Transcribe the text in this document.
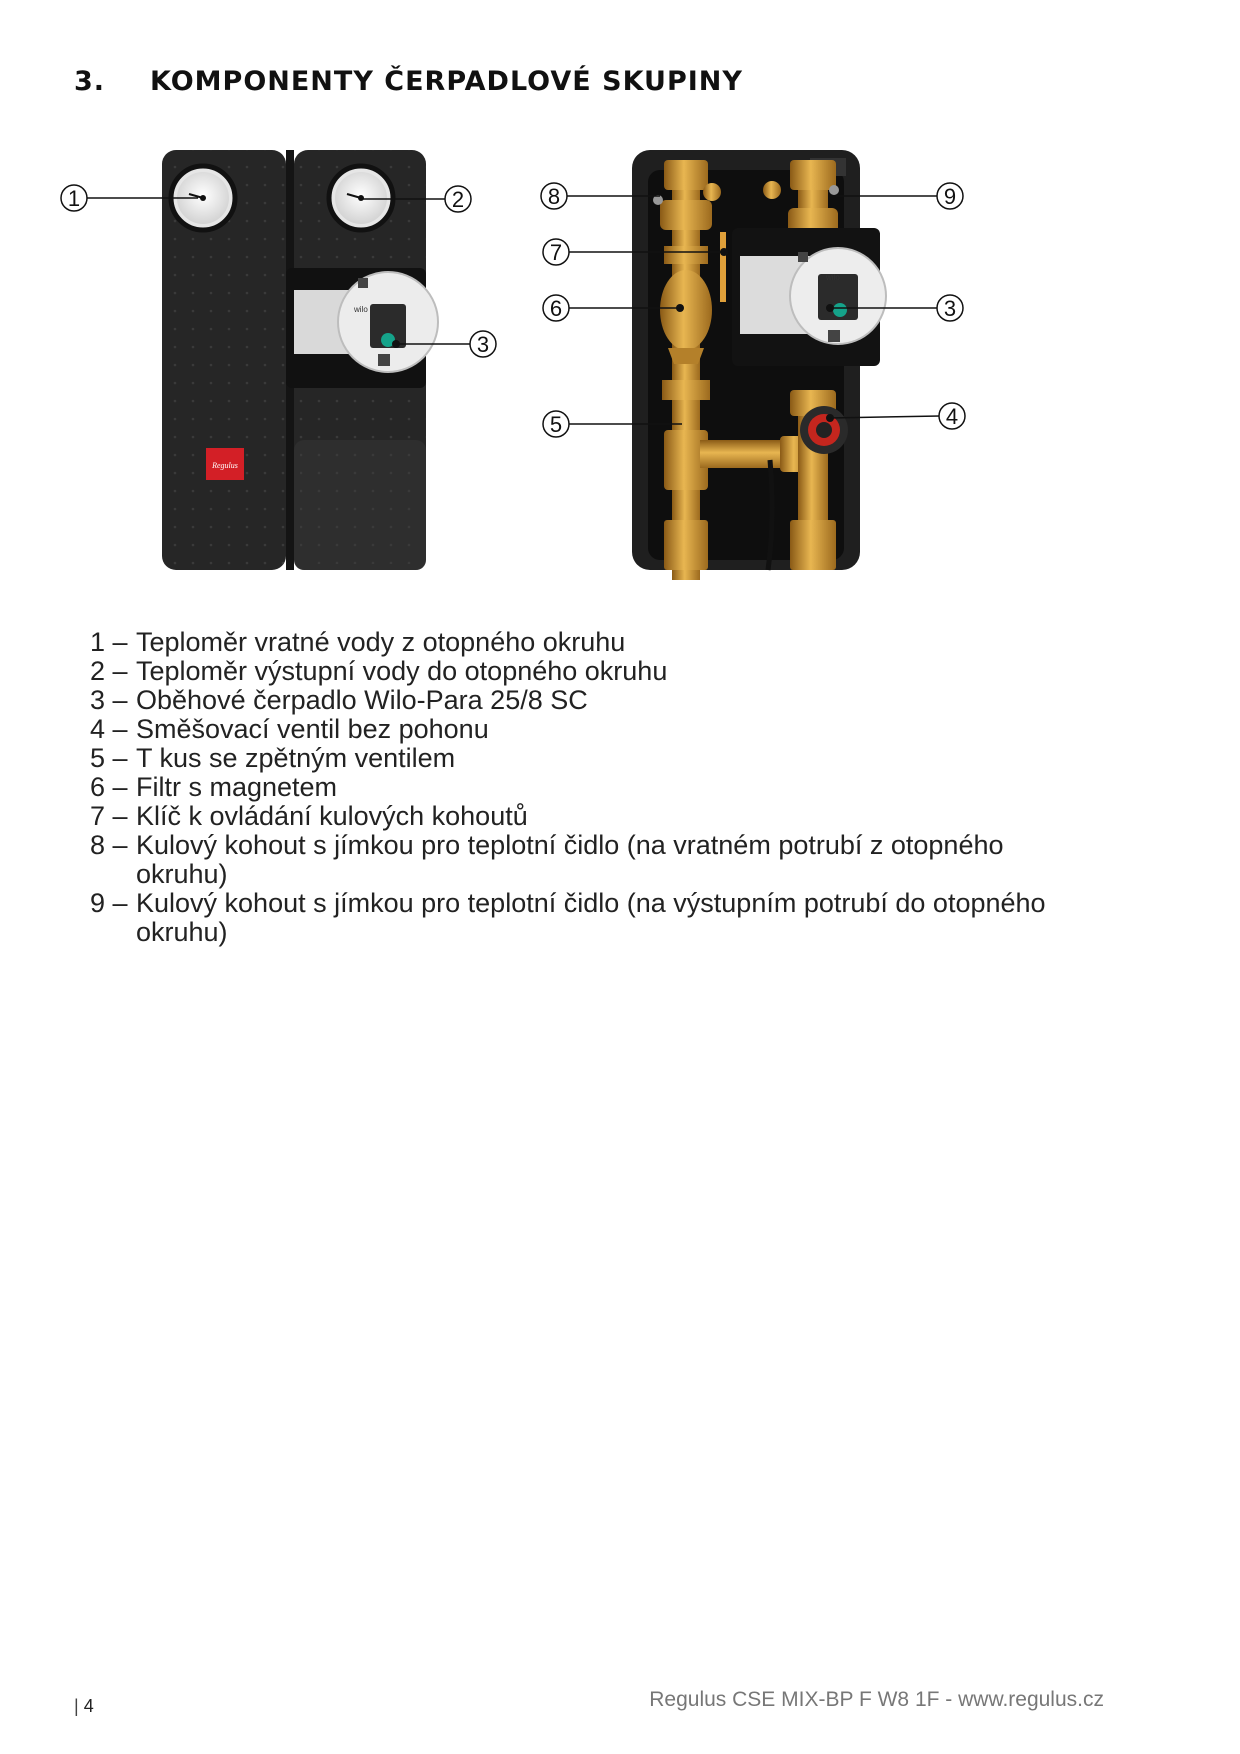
3. KOMPONENTY ČERPADLOVÉ SKUPINY
wilo
Regulus
1	2
3
wilo
8	9
7
6	3
5	4
1 – Teploměr vratné vody z otopného okruhu
2 – Teploměr výstupní vody do otopného okruhu
3 – Oběhové čerpadlo Wilo-Para 25/8 SC
4 – Směšovací ventil bez pohonu
5 – T kus se zpětným ventilem
6 – Filtr s magnetem
7 – Klíč k ovládání kulových kohoutů
8 – Kulový kohout s jímkou pro teplotní čidlo (na vratném potrubí z otopného okruhu)
9 – Kulový kohout s jímkou pro teplotní čidlo (na výstupním potrubí do otopného okruhu)
| 4	Regulus CSE MIX-BP F W8 1F - www.regulus.cz
